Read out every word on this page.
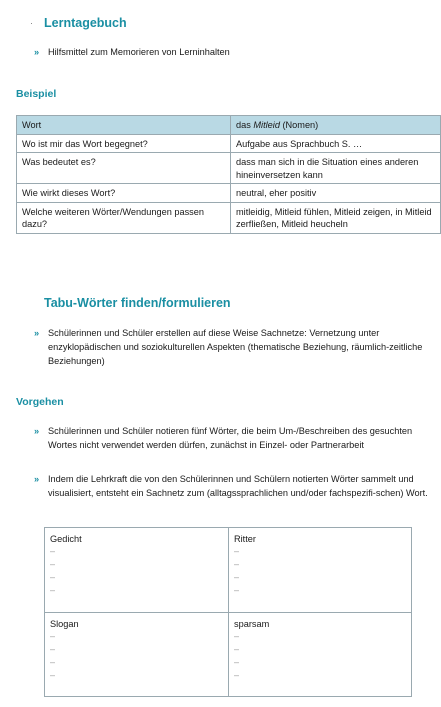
· Lerntagebuch
» Hilfsmittel zum Memorieren von Lerninhalten
Beispiel
Wort	das Mitleid (Nomen)
Wo ist mir das Wort begegnet?	Aufgabe aus Sprachbuch S. …
Was bedeutet es?	dass man sich in die Situation eines anderen hineinversetzen kann
Wie wirkt dieses Wort?	neutral, eher positiv
Welche weiteren Wörter/Wendungen passen dazu?	mitleidig, Mitleid fühlen, Mitleid zeigen, in Mitleid zerfließen, Mitleid heucheln
Tabu-Wörter finden/formulieren
» Schülerinnen und Schüler erstellen auf diese Weise Sachnetze: Vernetzung unter enzyklopädischen und soziokulturellen Aspekten (thematische Beziehung, räumlich-zeitliche Beziehungen)
Vorgehen
» Schülerinnen und Schüler notieren fünf Wörter, die beim Um-/Beschreiben des gesuchten Wortes nicht verwendet werden dürfen, zunächst in Einzel- oder Partnerarbeit
» Indem die Lehrkraft die von den Schülerinnen und Schülern notierten Wörter sammelt und visualisiert, entsteht ein Sachnetz zum (alltagssprachlichen und/oder fachspezifi-schen) Wort.
Gedicht
–
–
–
–
Ritter
–
–
–
–
Slogan
–
–
–
–
sparsam
–
–
–
–
